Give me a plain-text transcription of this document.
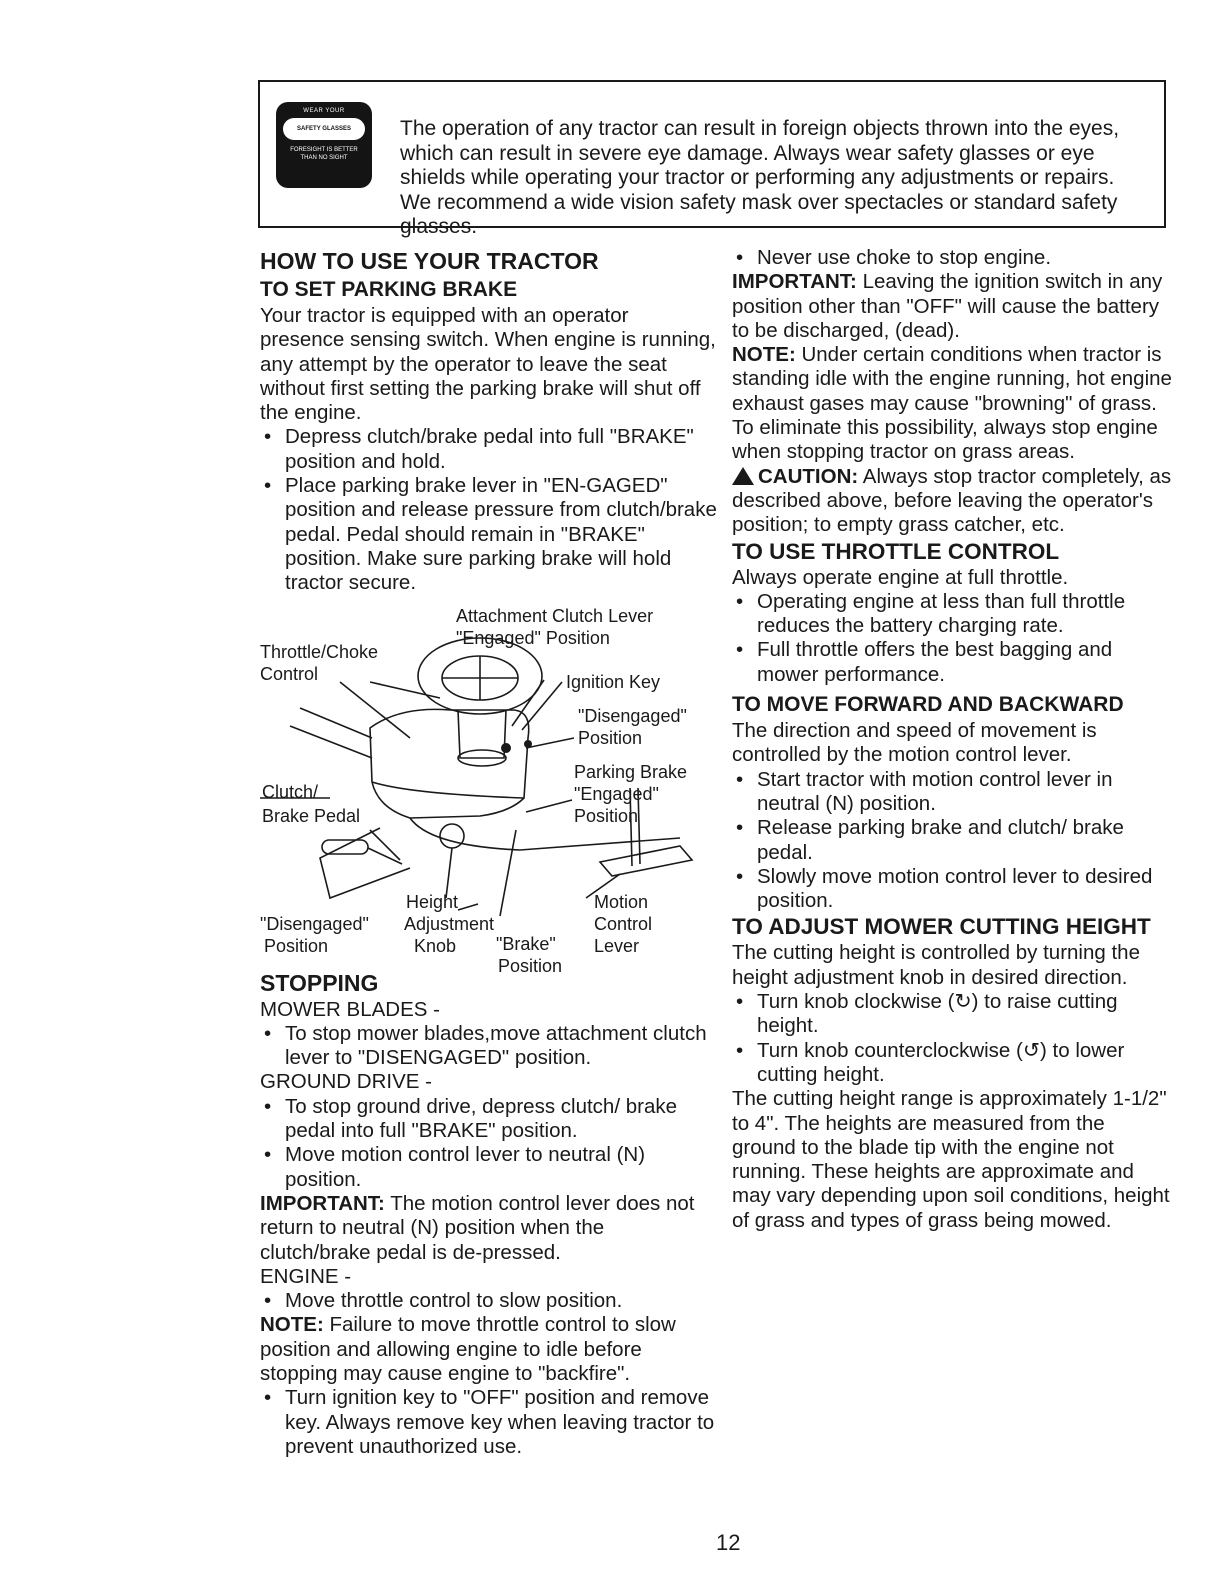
WEAR YOUR
SAFETY GLASSES
FORESIGHT IS BETTER
THAN NO SIGHT

The operation of any tractor can result in foreign objects thrown into the eyes, which can result in severe eye damage. Always wear safety glasses or eye shields while operating your tractor or performing any adjustments or repairs. We recommend a wide vision safety mask over spectacles or standard safety glasses.

HOW TO USE YOUR TRACTOR

TO SET PARKING BRAKE

Your tractor is equipped with an operator presence sensing switch. When engine is running, any attempt by the operator to leave the seat without first setting the parking brake will shut off the engine.

• Depress clutch/brake pedal into full "BRAKE" position and hold.
• Place parking brake lever in "EN-GAGED" position and release pressure from clutch/brake pedal. Pedal should remain in "BRAKE" position. Make sure parking brake will hold tractor secure.
Attachment Clutch Lever
"Engaged" Position
Throttle/Choke
Control	Ignition Key
"Disengaged"
Position
Parking Brake
"Engaged"
Position
Clutch/
Brake Pedal
Height
Adjustment
Knob
"Disengaged"
Position
Motion
Control
Lever
"Brake"
Position

STOPPING

MOWER BLADES -

• To stop mower blades,move attachment clutch lever to "DISENGAGED" position.

GROUND DRIVE -

• To stop ground drive, depress clutch/ brake pedal into full "BRAKE" position.
• Move motion control lever to neutral (N) position.

IMPORTANT: The motion control lever does not return to neutral (N) position when the clutch/brake pedal is de-pressed.

ENGINE -

• Move throttle control to slow position.

NOTE: Failure to move throttle control to slow position and allowing engine to idle before stopping may cause engine to "backfire".

• Turn ignition key to "OFF" position and remove key. Always remove key when leaving tractor to prevent unauthorized use.
• Never use choke to stop engine.

IMPORTANT: Leaving the ignition switch in any position other than "OFF" will cause the battery to be discharged, (dead).

NOTE: Under certain conditions when tractor is standing idle with the engine running, hot engine exhaust gases may cause "browning" of grass. To eliminate this possibility, always stop engine when stopping tractor on grass areas.

CAUTION: Always stop tractor completely, as described above, before leaving the operator's position; to empty grass catcher, etc.

TO USE THROTTLE CONTROL

Always operate engine at full throttle.

• Operating engine at less than full throttle reduces the battery charging rate.
• Full throttle offers the best bagging and mower performance.

TO MOVE FORWARD AND BACKWARD

The direction and speed of movement is controlled by the motion control lever.

• Start tractor with motion control lever in neutral (N) position.
• Release parking brake and clutch/ brake pedal.
• Slowly move motion control lever to desired position.

TO ADJUST MOWER CUTTING HEIGHT

The cutting height is controlled by turning the height adjustment knob in desired direction.

• Turn knob clockwise (↻) to raise cutting height.
• Turn knob counterclockwise (↺) to lower cutting height.

The cutting height range is approximately 1-1/2" to 4". The heights are measured from the ground to the blade tip with the engine not running. These heights are approximate and may vary depending upon soil conditions, height of grass and types of grass being mowed.

12
